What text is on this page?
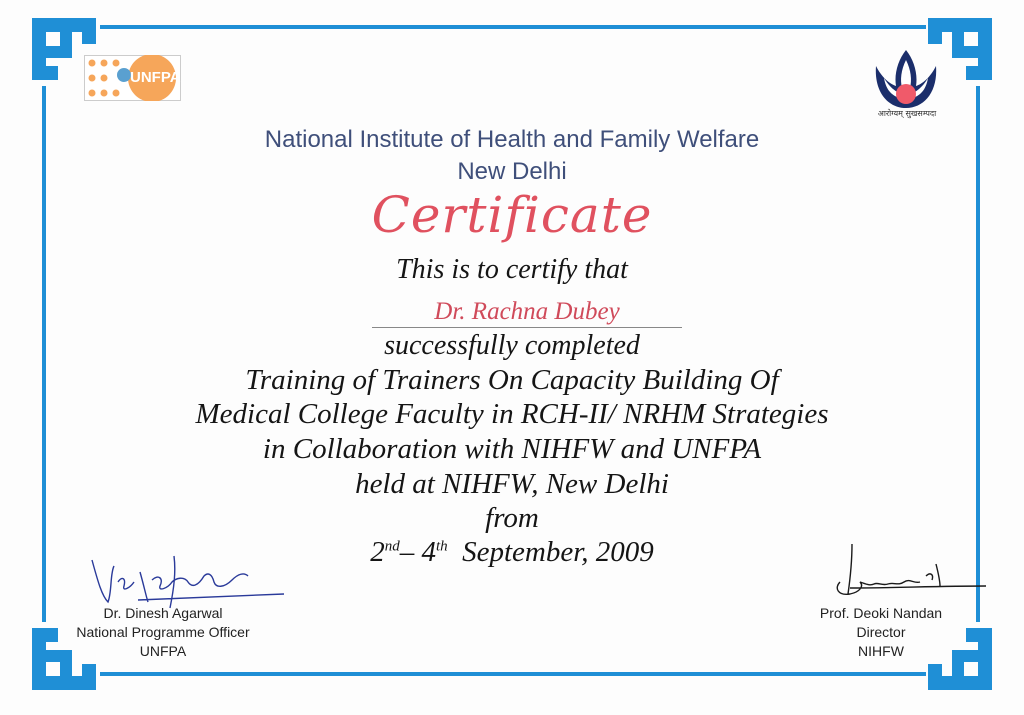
UNFPA
आरोग्यम् सुखसम्पदा
National Institute of Health and Family Welfare
New Delhi
Certificate
This is to certify that
Dr. Rachna Dubey
successfully completed
Training of Trainers On Capacity Building Of
Medical College Faculty in RCH-II/ NRHM Strategies
in Collaboration with NIHFW and UNFPA
held at NIHFW, New Delhi
from
2nd– 4th September, 2009
Dr. Dinesh Agarwal
National Programme Officer
UNFPA
Prof. Deoki Nandan
Director
NIHFW
